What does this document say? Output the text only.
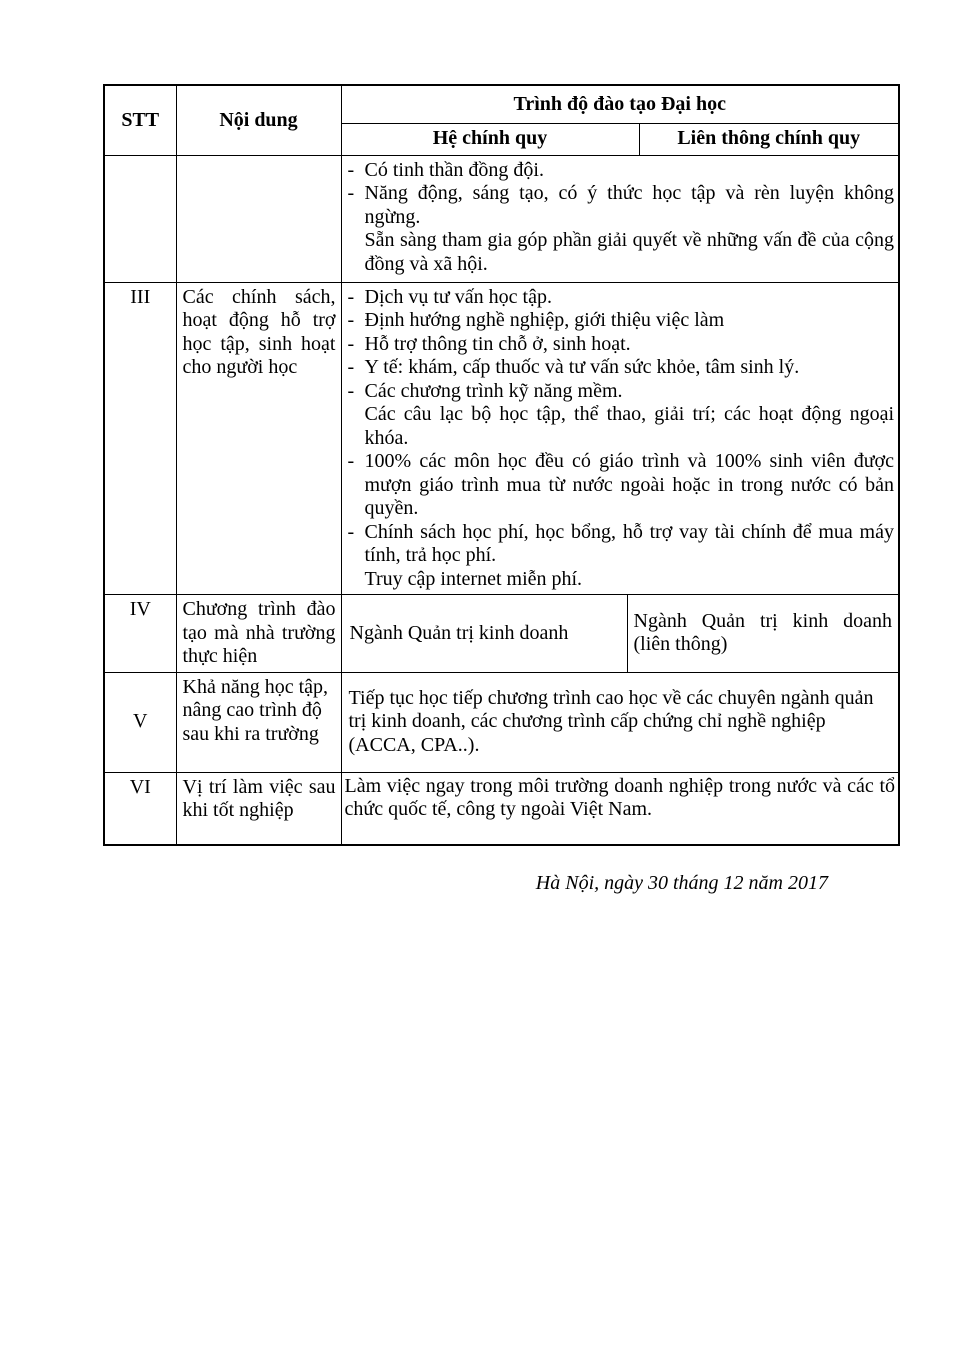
STT	Nội dung	Trình độ đào tạo Đại học		
		Hệ chính quy		Liên thông chính quy

		- Có tinh thần đồng đội.
- Năng động, sáng tạo, có ý thức học tập và rèn luyện không ngừng.
Sẵn sàng tham gia góp phần giải quyết về những vấn đề của cộng đồng và xã hội.		

III	Các chính sách, hoạt động hỗ trợ học tập, sinh hoạt cho người học	
- Dịch vụ tư vấn học tập.
- Định hướng nghề nghiệp, giới thiệu việc làm
- Hỗ trợ thông tin chỗ ở, sinh hoạt.
- Y tế: khám, cấp thuốc và tư vấn sức khỏe, tâm sinh lý.
- Các chương trình kỹ năng mềm.
Các câu lạc bộ học tập, thể thao, giải trí; các hoạt động ngoại khóa.
- 100% các môn học đều có giáo trình và 100% sinh viên được mượn giáo trình mua từ nước ngoài hoặc in trong nước có bản quyền.
- Chính sách học phí, học bổng, hỗ trợ vay tài chính để mua máy tính, trả học phí.
Truy cập internet miễn phí.

IV	Chương trình đào tạo mà nhà trường thực hiện	Ngành Quản trị kinh doanh	Ngành Quản trị kinh doanh (liên thông)	
V	Khả năng học tập, nâng cao trình độ sau khi ra trường	Tiếp tục học tiếp chương trình cao học về các chuyên ngành quản trị kinh doanh, các chương trình cấp chứng chỉ nghề nghiệp (ACCA, CPA..).		
VI	Vị trí làm việc sau khi tốt nghiệp	Làm việc ngay trong môi trường doanh nghiệp trong nước và các tổ chức quốc tế, công ty ngoài Việt Nam.		
Hà Nội, ngày 30 tháng 12 năm 2017
